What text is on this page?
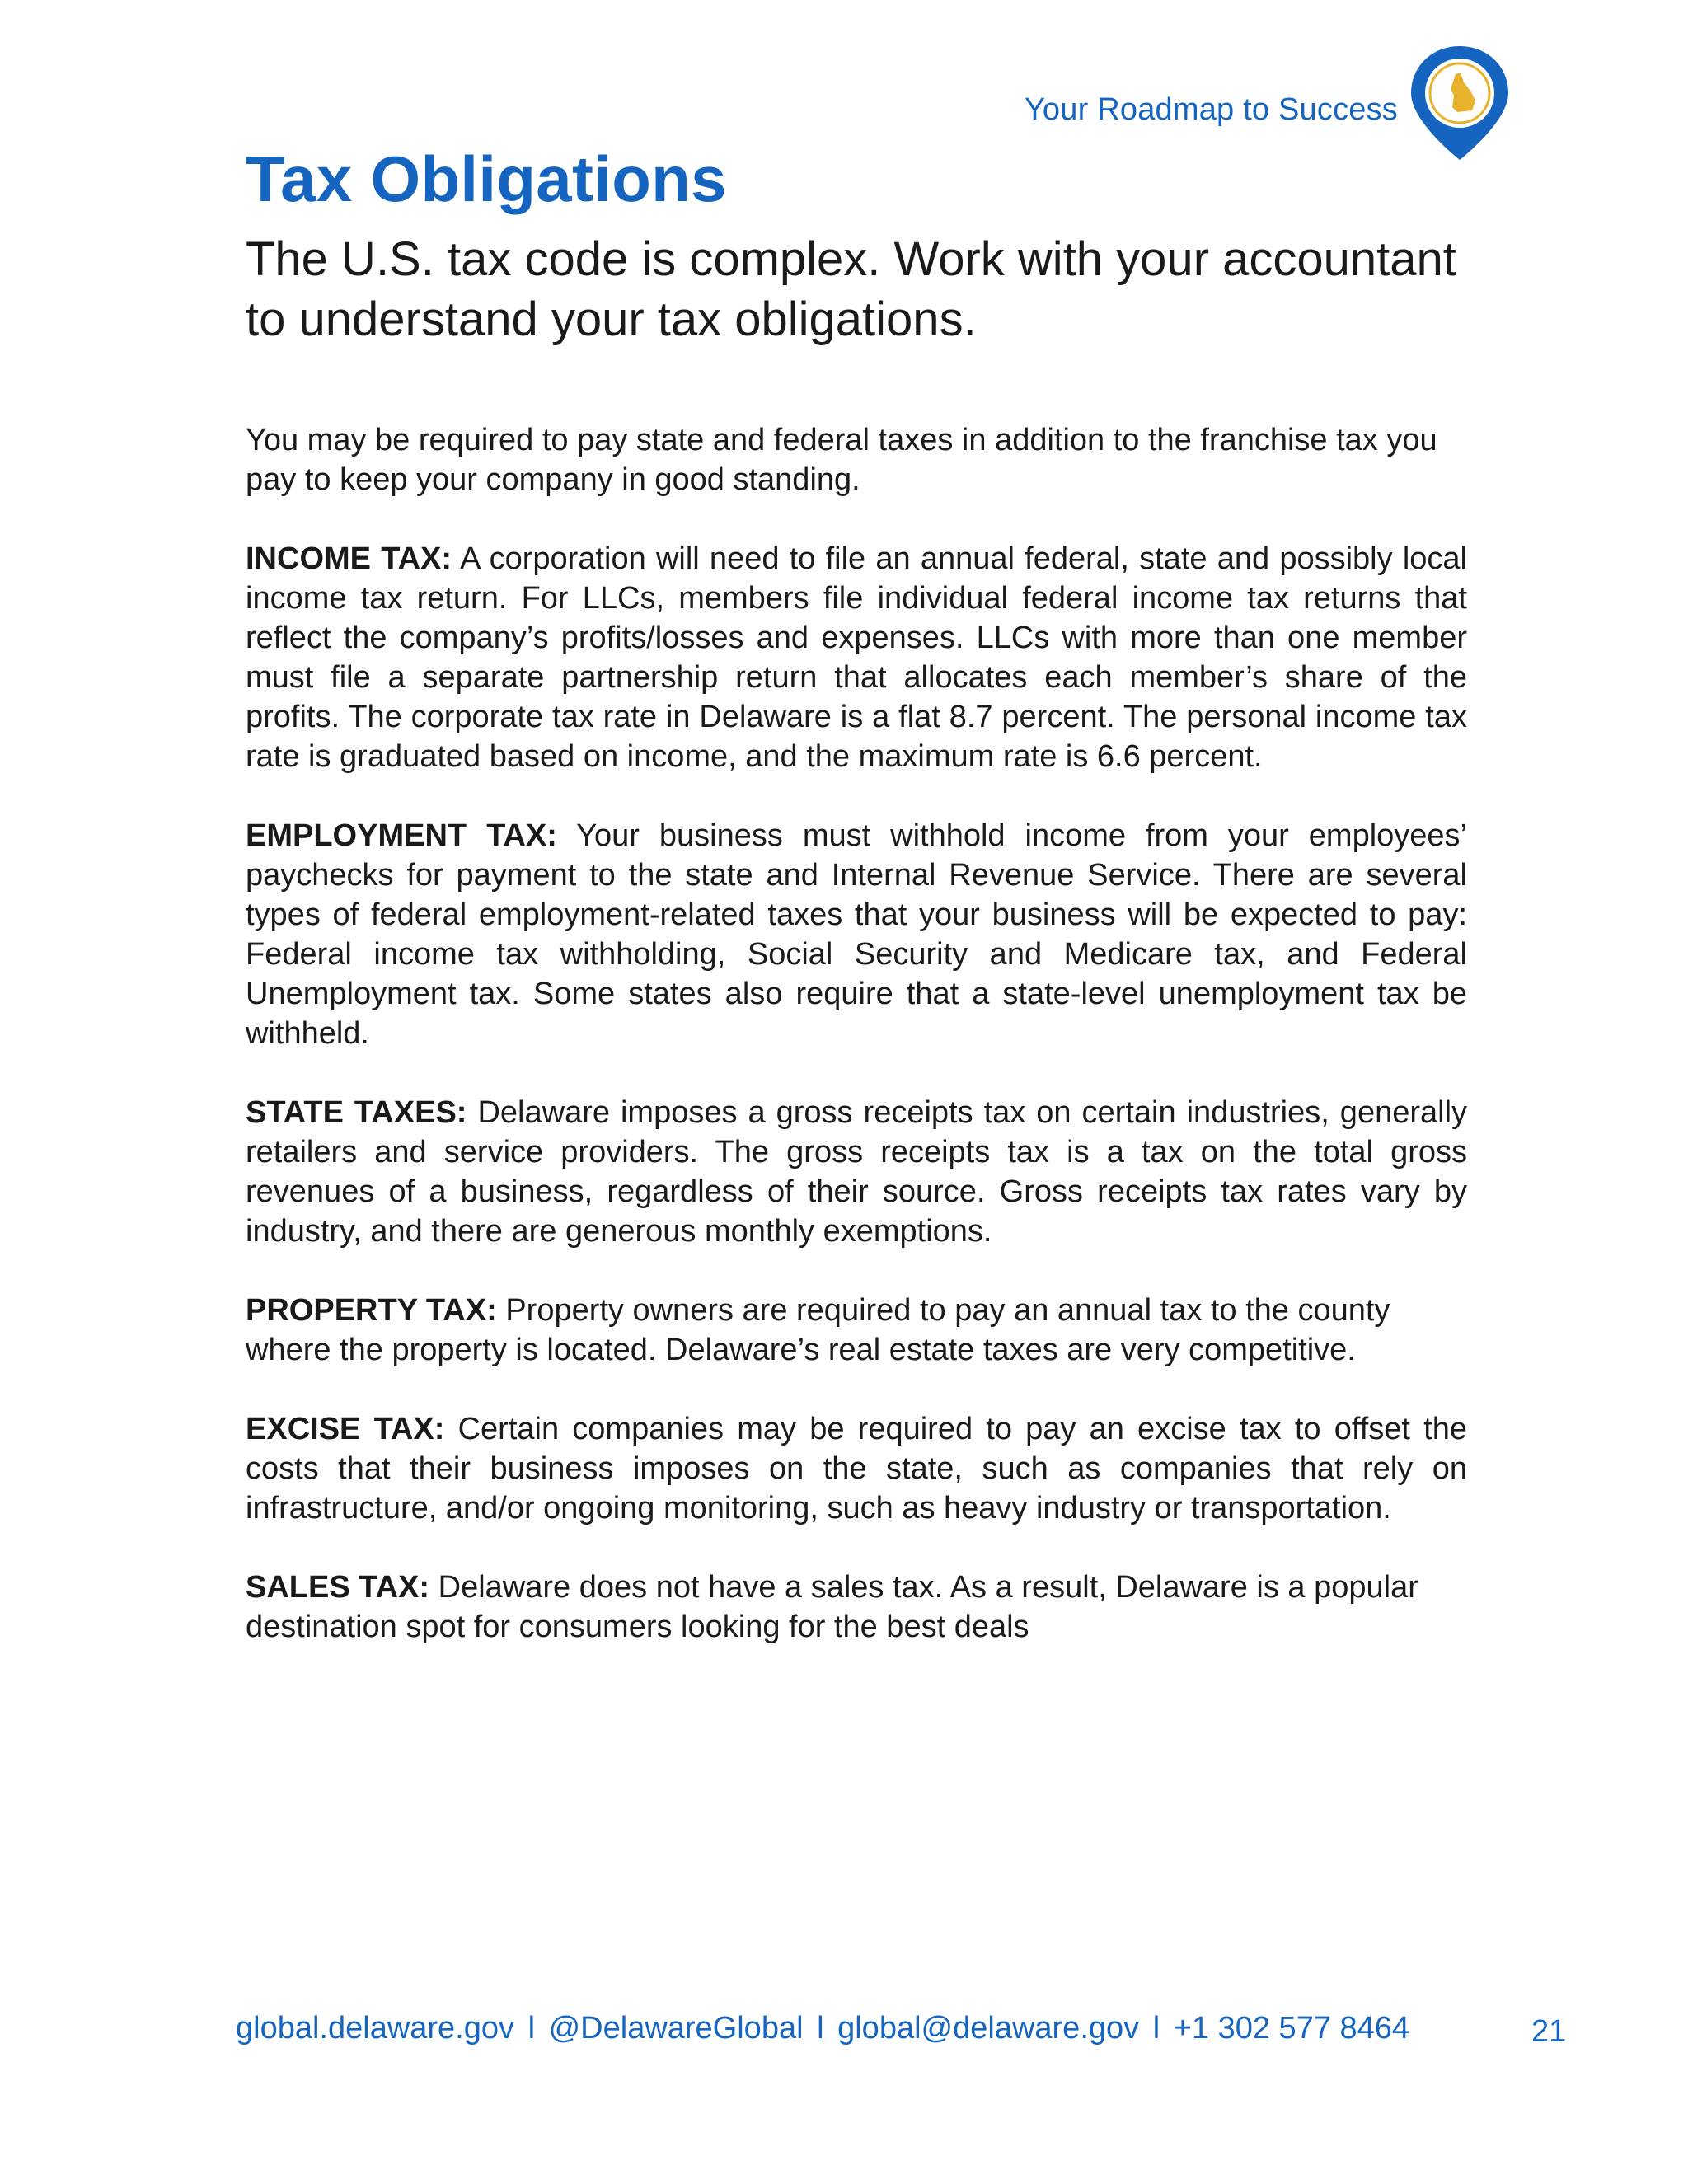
Your Roadmap to Success
Tax Obligations
The U.S. tax code is complex. Work with your accountant to understand your tax obligations.

You may be required to pay state and federal taxes in addition to the franchise tax you pay to keep your company in good standing.

INCOME TAX: A corporation will need to file an annual federal, state and possibly local income tax return. For LLCs, members file individual federal income tax returns that reflect the company’s profits/losses and expenses. LLCs with more than one member must file a separate partnership return that allocates each member’s share of the profits. The corporate tax rate in Delaware is a flat 8.7 percent. The personal income tax rate is graduated based on income, and the maximum rate is 6.6 percent.

EMPLOYMENT TAX: Your business must withhold income from your employees’ paychecks for payment to the state and Internal Revenue Service. There are several types of federal employment-related taxes that your business will be expected to pay: Federal income tax withholding, Social Security and Medicare tax, and Federal Unemployment tax. Some states also require that a state-level unemployment tax be withheld.

STATE TAXES: Delaware imposes a gross receipts tax on certain industries, generally retailers and service providers. The gross receipts tax is a tax on the total gross revenues of a business, regardless of their source. Gross receipts tax rates vary by industry, and there are generous monthly exemptions.

PROPERTY TAX: Property owners are required to pay an annual tax to the county where the property is located. Delaware’s real estate taxes are very competitive.

EXCISE TAX: Certain companies may be required to pay an excise tax to offset the costs that their business imposes on the state, such as companies that rely on infrastructure, and/or ongoing monitoring, such as heavy industry or transportation.

SALES TAX: Delaware does not have a sales tax. As a result, Delaware is a popular destination spot for consumers looking for the best deals

global.delaware.gov l @DelawareGlobal l global@delaware.gov l +1 302 577 8464	21
